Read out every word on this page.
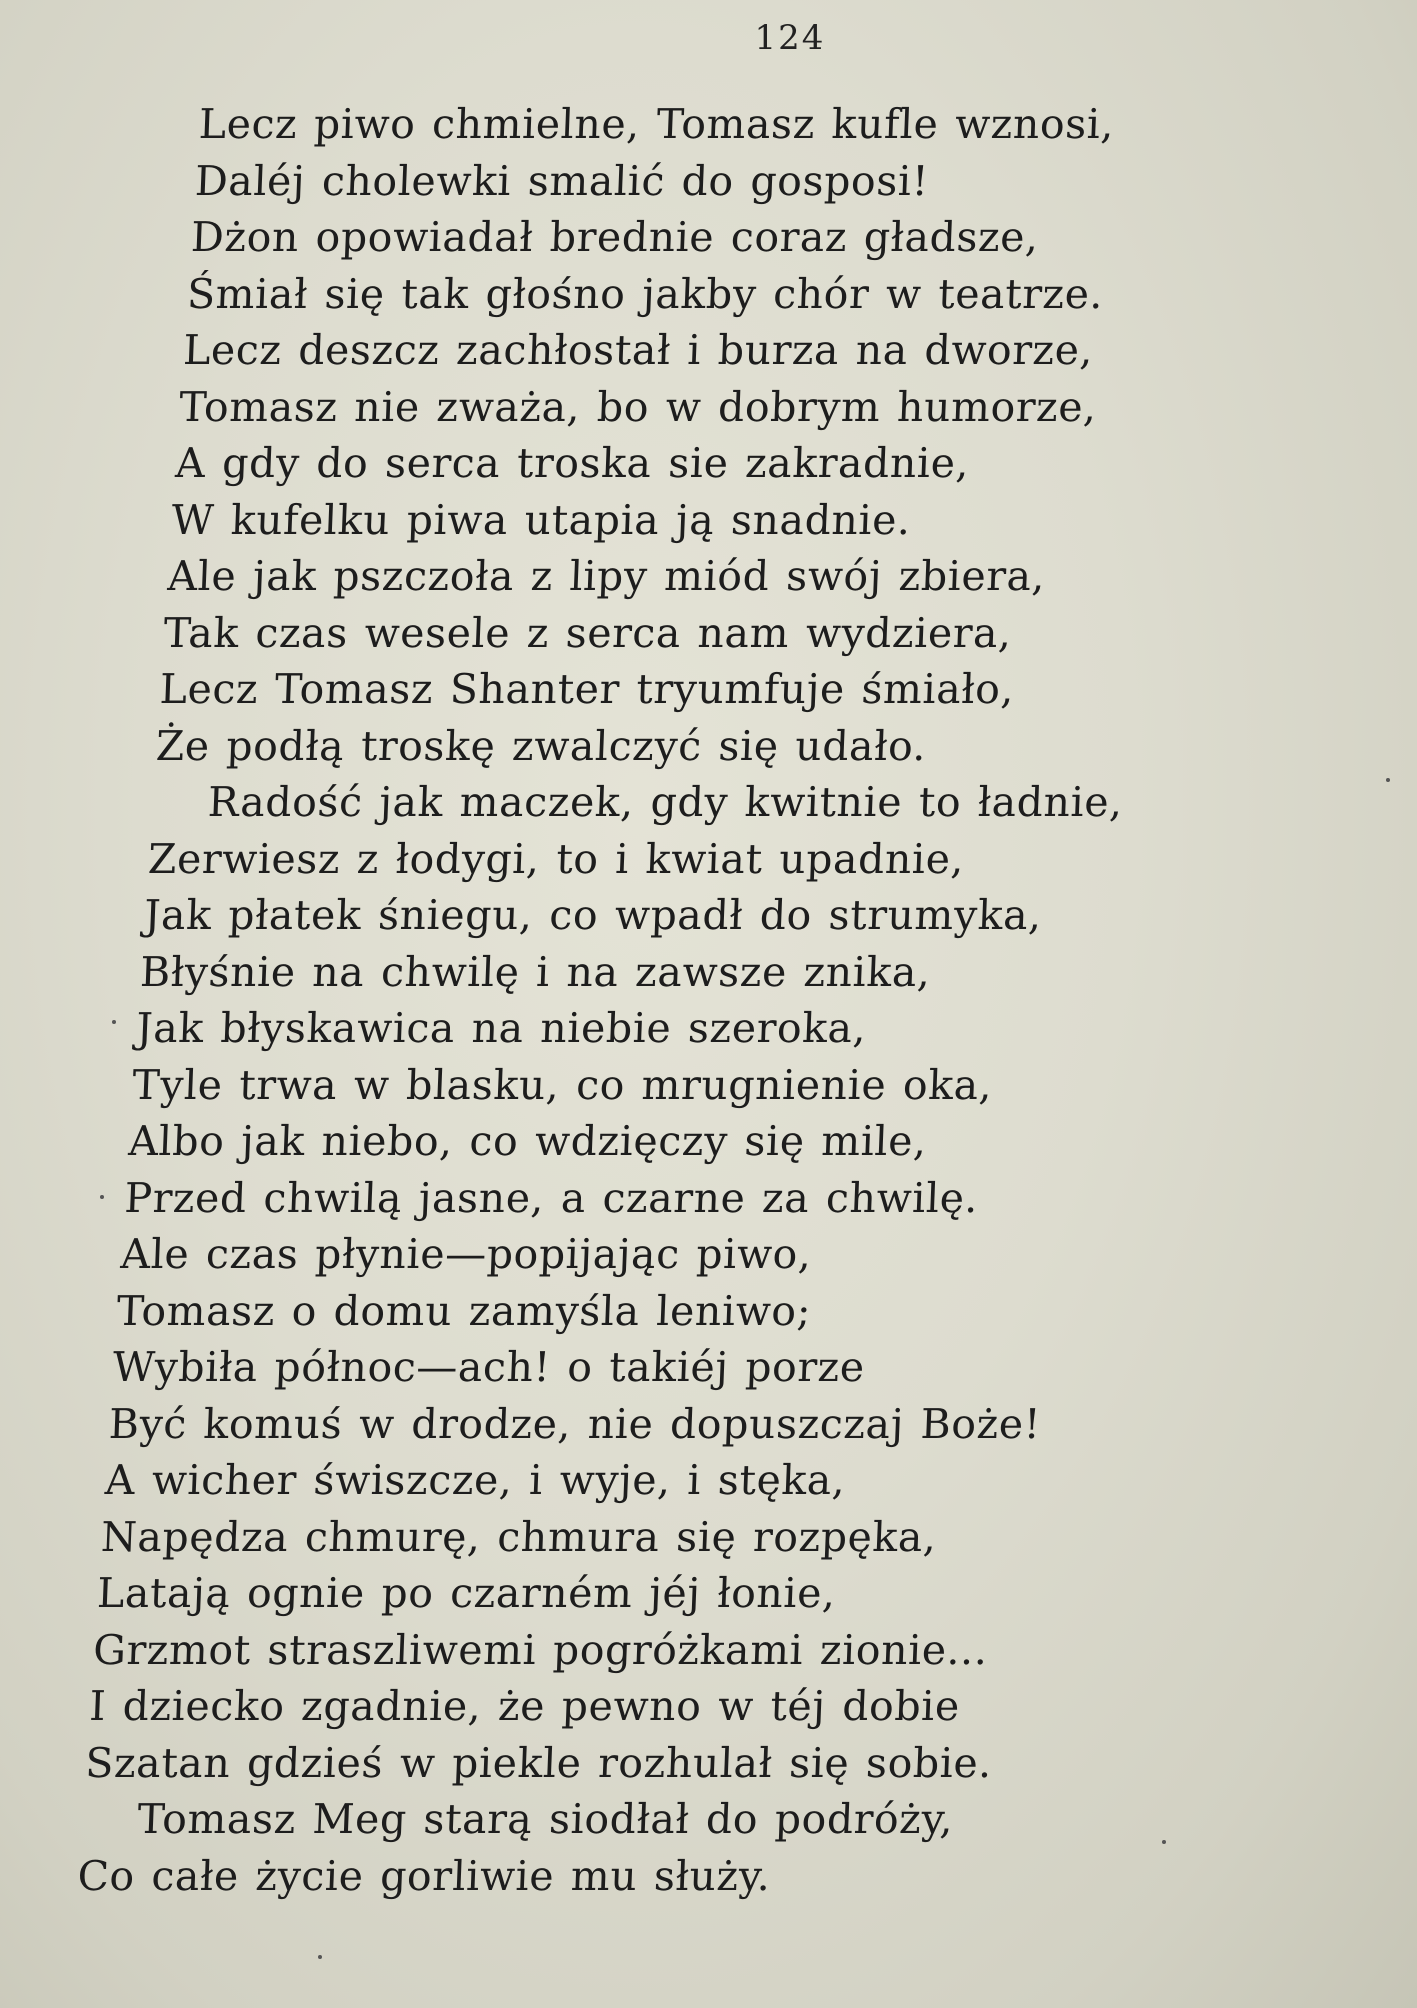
124
Lecz piwo chmielne, Tomasz kufle wznosi,
Daléj cholewki smalić do gosposi!
Dżon opowiadał brednie coraz gładsze,
Śmiał się tak głośno jakby chór w teatrze.
Lecz deszcz zachłostał i burza na dworze,
Tomasz nie zważa, bo w dobrym humorze,
A gdy do serca troska sie zakradnie,
W kufelku piwa utapia ją snadnie.
Ale jak pszczoła z lipy miód swój zbiera,
Tak czas wesele z serca nam wydziera,
Lecz Tomasz Shanter tryumfuje śmiało,
Że podłą troskę zwalczyć się udało.
Radość jak maczek, gdy kwitnie to ładnie,
Zerwiesz z łodygi, to i kwiat upadnie,
Jak płatek śniegu, co wpadł do strumyka,
Błyśnie na chwilę i na zawsze znika,
Jak błyskawica na niebie szeroka,
Tyle trwa w blasku, co mrugnienie oka,
Albo jak niebo, co wdzięczy się mile,
Przed chwilą jasne, a czarne za chwilę.
Ale czas płynie—popijając piwo,
Tomasz o domu zamyśla leniwo;
Wybiła północ—ach! o takiéj porze
Być komuś w drodze, nie dopuszczaj Boże!
A wicher świszcze, i wyje, i stęka,
Napędza chmurę, chmura się rozpęka,
Latają ognie po czarném jéj łonie,
Grzmot straszliwemi pogróżkami zionie...
I dziecko zgadnie, że pewno w téj dobie
Szatan gdzieś w piekle rozhulał się sobie.
Tomasz Meg starą siodłał do podróży,
Co całe życie gorliwie mu służy.
